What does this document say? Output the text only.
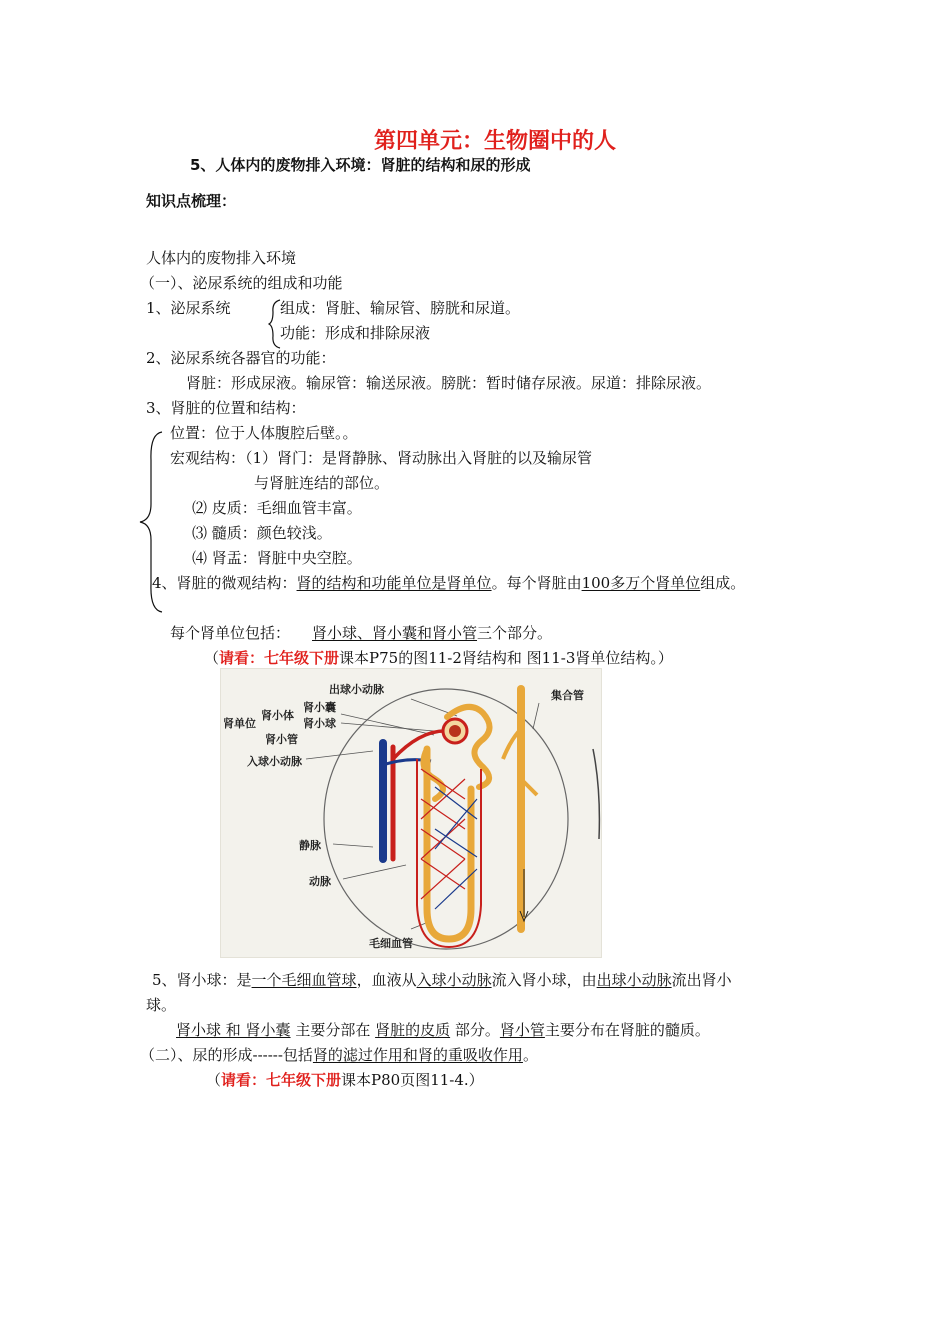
第四单元：生物圈中的人
5、人体内的废物排入环境：肾脏的结构和尿的形成
知识点梳理：
人体内的废物排入环境
（一）、泌尿系统的组成和功能
1、泌尿系统	组成：肾脏、输尿管、膀胱和尿道。
功能：形成和排除尿液
2、泌尿系统各器官的功能：
肾脏：形成尿液。输尿管：输送尿液。膀胱：暂时储存尿液。尿道：排除尿液。
3、肾脏的位置和结构：
位置：位于人体腹腔后壁。。
宏观结构：（1）肾门：是肾静脉、肾动脉出入肾脏的以及输尿管
与肾脏连结的部位。
⑵ 皮质：毛细血管丰富。
⑶ 髓质：颜色较浅。
⑷ 肾盂：肾脏中央空腔。
4、肾脏的微观结构：肾的结构和功能单位是肾单位。每个肾脏由100多万个肾单位组成。
每个肾单位包括： 肾小球、肾小囊和肾小管三个部分。
（请看：七年级下册课本P75的图11-2肾结构和 图11-3肾单位结构。）
出球小动脉	集合管
肾单位
肾小体
肾小囊
肾小球
肾小管
入球小动脉
静脉
动脉
毛细血管
5、肾小球：是一个毛细血管球，血液从入球小动脉流入肾小球，由出球小动脉流出肾小
球。
肾小球 和 肾小囊 主要分部在 肾脏的皮质 部分。肾小管主要分布在肾脏的髓质。
（二）、尿的形成------包括肾的滤过作用和肾的重吸收作用。
（请看：七年级下册课本P80页图11-4.）
